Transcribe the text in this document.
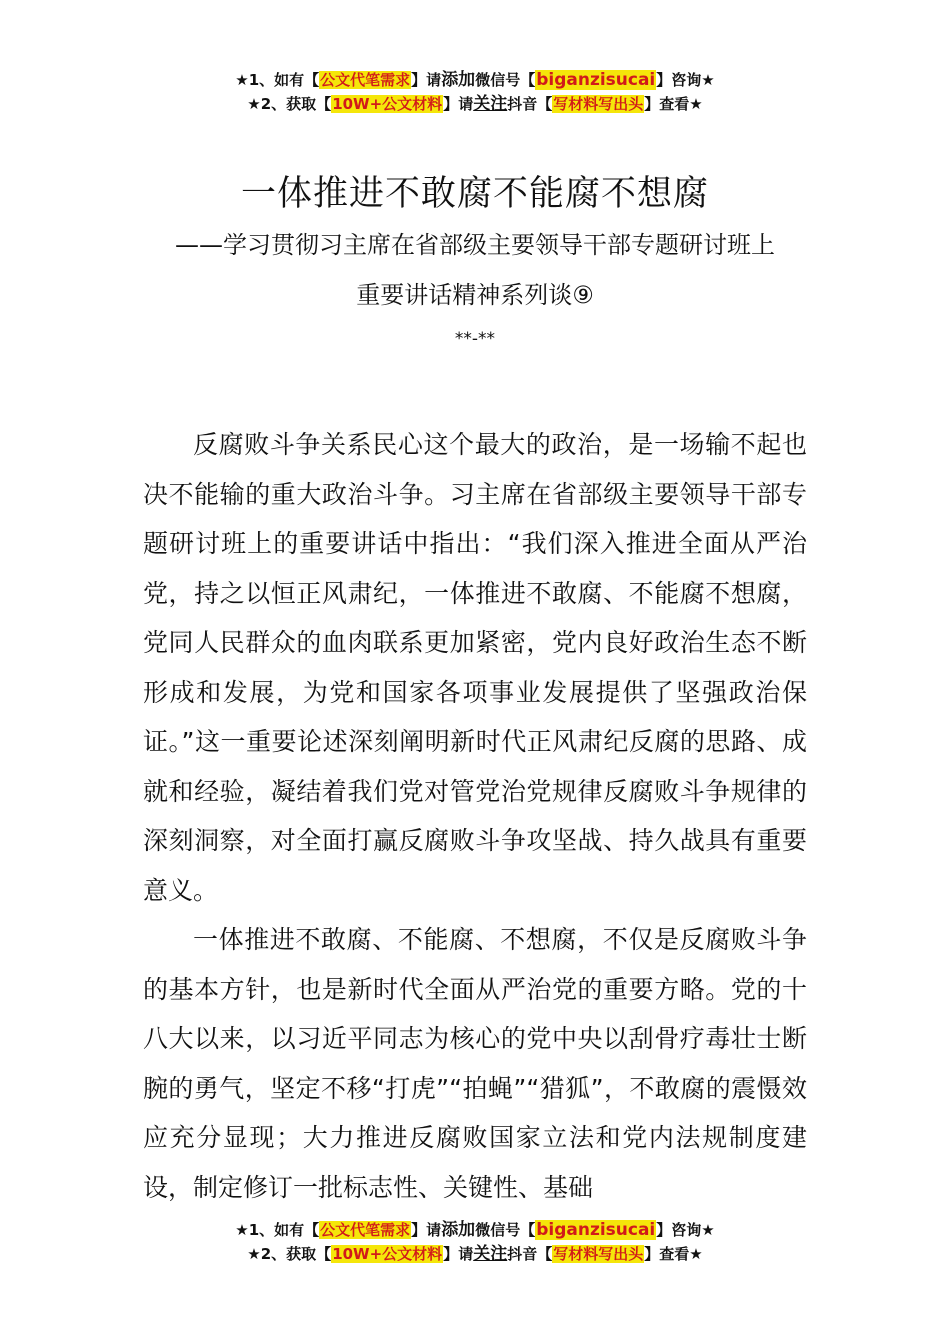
★1、如有【公文代笔需求】请添加微信号【biganzisucai】咨询★
★2、获取【10W+公文材料】请关注抖音【写材料写出头】查看★
一体推进不敢腐不能腐不想腐
——学习贯彻习主席在省部级主要领导干部专题研讨班上
重要讲话精神系列谈⑨
**-**

反腐败斗争关系民心这个最大的政治，是一场输不起也决不能输的重大政治斗争。习主席在省部级主要领导干部专题研讨班上的重要讲话中指出：“我们深入推进全面从严治党，持之以恒正风肃纪，一体推进不敢腐、不能腐不想腐，党同人民群众的血肉联系更加紧密，党内良好政治生态不断形成和发展，为党和国家各项事业发展提供了坚强政治保证。”这一重要论述深刻阐明新时代正风肃纪反腐的思路、成就和经验，凝结着我们党对管党治党规律反腐败斗争规律的深刻洞察，对全面打赢反腐败斗争攻坚战、持久战具有重要意义。

一体推进不敢腐、不能腐、不想腐，不仅是反腐败斗争的基本方针，也是新时代全面从严治党的重要方略。党的十八大以来，以习近平同志为核心的党中央以刮骨疗毒壮士断腕的勇气，坚定不移“打虎”“拍蝇”“猎狐”，不敢腐的震慑效应充分显现；大力推进反腐败国家立法和党内法规制度建设，制定修订一批标志性、关键性、基础

★1、如有【公文代笔需求】请添加微信号【biganzisucai】咨询★
★2、获取【10W+公文材料】请关注抖音【写材料写出头】查看★
